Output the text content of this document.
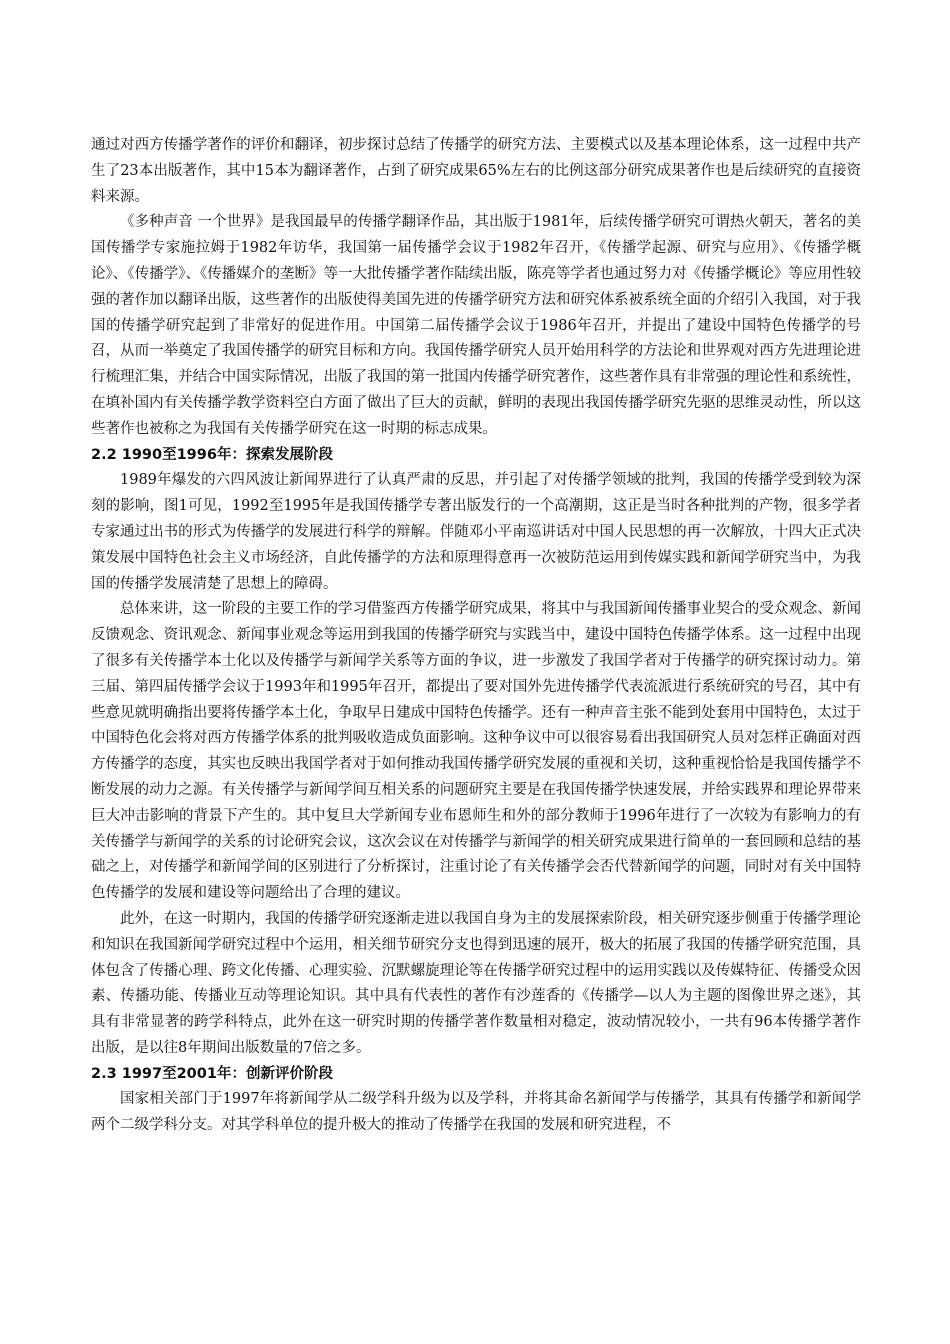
通过对西方传播学著作的评价和翻译，初步探讨总结了传播学的研究方法、主要模式以及基本理论体系，这一过程中共产生了23本出版著作，其中15本为翻译著作，占到了研究成果65%左右的比例这部分研究成果著作也是后续研究的直接资料来源。

《多种声音 一个世界》是我国最早的传播学翻译作品，其出版于1981年，后续传播学研究可谓热火朝天，著名的美国传播学专家施拉姆于1982年访华，我国第一届传播学会议于1982年召开，《传播学起源、研究与应用》、《传播学概论》、《传播学》、《传播媒介的垄断》等一大批传播学著作陆续出版，陈亮等学者也通过努力对《传播学概论》等应用性较强的著作加以翻译出版，这些著作的出版使得美国先进的传播学研究方法和研究体系被系统全面的介绍引入我国，对于我国的传播学研究起到了非常好的促进作用。中国第二届传播学会议于1986年召开，并提出了建设中国特色传播学的号召，从而一举奠定了我国传播学的研究目标和方向。我国传播学研究人员开始用科学的方法论和世界观对西方先进理论进行梳理汇集，并结合中国实际情况，出版了我国的第一批国内传播学研究著作，这些著作具有非常强的理论性和系统性，在填补国内有关传播学教学资料空白方面了做出了巨大的贡献，鲜明的表现出我国传播学研究先驱的思维灵动性，所以这些著作也被称之为我国有关传播学研究在这一时期的标志成果。

2.2 1990至1996年：探索发展阶段

1989年爆发的六四风波让新闻界进行了认真严肃的反思，并引起了对传播学领域的批判，我国的传播学受到较为深刻的影响，图1可见，1992至1995年是我国传播学专著出版发行的一个高潮期，这正是当时各种批判的产物，很多学者专家通过出书的形式为传播学的发展进行科学的辩解。伴随邓小平南巡讲话对中国人民思想的再一次解放，十四大正式决策发展中国特色社会主义市场经济，自此传播学的方法和原理得意再一次被防范运用到传媒实践和新闻学研究当中，为我国的传播学发展清楚了思想上的障碍。

总体来讲，这一阶段的主要工作的学习借鉴西方传播学研究成果，将其中与我国新闻传播事业契合的受众观念、新闻反馈观念、资讯观念、新闻事业观念等运用到我国的传播学研究与实践当中，建设中国特色传播学体系。这一过程中出现了很多有关传播学本土化以及传播学与新闻学关系等方面的争议，进一步激发了我国学者对于传播学的研究探讨动力。第三届、第四届传播学会议于1993年和1995年召开，都提出了要对国外先进传播学代表流派进行系统研究的号召，其中有些意见就明确指出要将传播学本土化，争取早日建成中国特色传播学。还有一种声音主张不能到处套用中国特色，太过于中国特色化会将对西方传播学体系的批判吸收造成负面影响。这种争议中可以很容易看出我国研究人员对怎样正确面对西方传播学的态度，其实也反映出我国学者对于如何推动我国传播学研究发展的重视和关切，这种重视恰恰是我国传播学不断发展的动力之源。有关传播学与新闻学间互相关系的问题研究主要是在我国传播学快速发展，并给实践界和理论界带来巨大冲击影响的背景下产生的。其中复旦大学新闻专业布恩师生和外的部分教师于1996年进行了一次较为有影响力的有关传播学与新闻学的关系的讨论研究会议，这次会议在对传播学与新闻学的相关研究成果进行简单的一套回顾和总结的基础之上，对传播学和新闻学间的区别进行了分析探讨，注重讨论了有关传播学会否代替新闻学的问题，同时对有关中国特色传播学的发展和建设等问题给出了合理的建议。

此外，在这一时期内，我国的传播学研究逐渐走进以我国自身为主的发展探索阶段，相关研究逐步侧重于传播学理论和知识在我国新闻学研究过程中个运用，相关细节研究分支也得到迅速的展开，极大的拓展了我国的传播学研究范围，具体包含了传播心理、跨文化传播、心理实验、沉默螺旋理论等在传播学研究过程中的运用实践以及传媒特征、传播受众因素、传播功能、传播业互动等理论知识。其中具有代表性的著作有沙莲香的《传播学—以人为主题的图像世界之迷》，其具有非常显著的跨学科特点，此外在这一研究时期的传播学著作数量相对稳定，波动情况较小，一共有96本传播学著作出版，是以往8年期间出版数量的7倍之多。

2.3 1997至2001年：创新评价阶段

国家相关部门于1997年将新闻学从二级学科升级为以及学科，并将其命名新闻学与传播学，其具有传播学和新闻学两个二级学科分支。对其学科单位的提升极大的推动了传播学在我国的发展和研究进程，不
